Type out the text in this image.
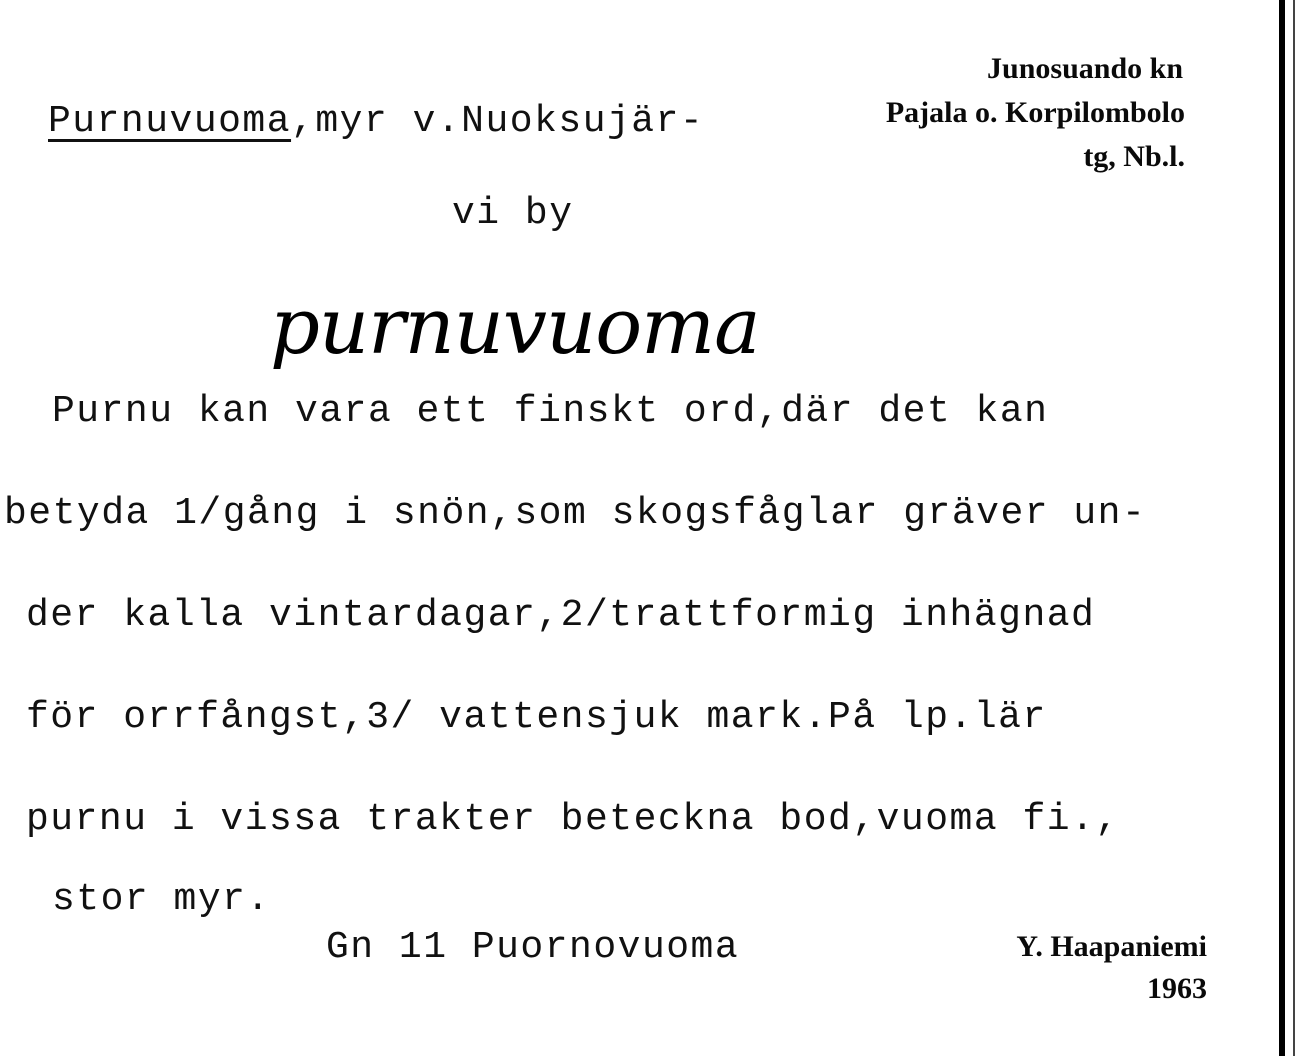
Junosuando kn
Pajala o. Korpilombolo
tg, Nb.l.
Purnuvuoma,myr v.Nuoksujär-
vi by
purnuvuoma
Purnu kan vara ett finskt ord,där det kan
betyda 1/gång i snön,som skogsfåglar gräver un-
der kalla vintardagar,2/trattformig inhägnad
för orrfångst,3/ vattensjuk mark.På lp.lär
purnu i vissa trakter beteckna bod,vuoma fi.,
stor myr.
Gn 11 Puornovuoma	Y. Haapaniemi
1963
